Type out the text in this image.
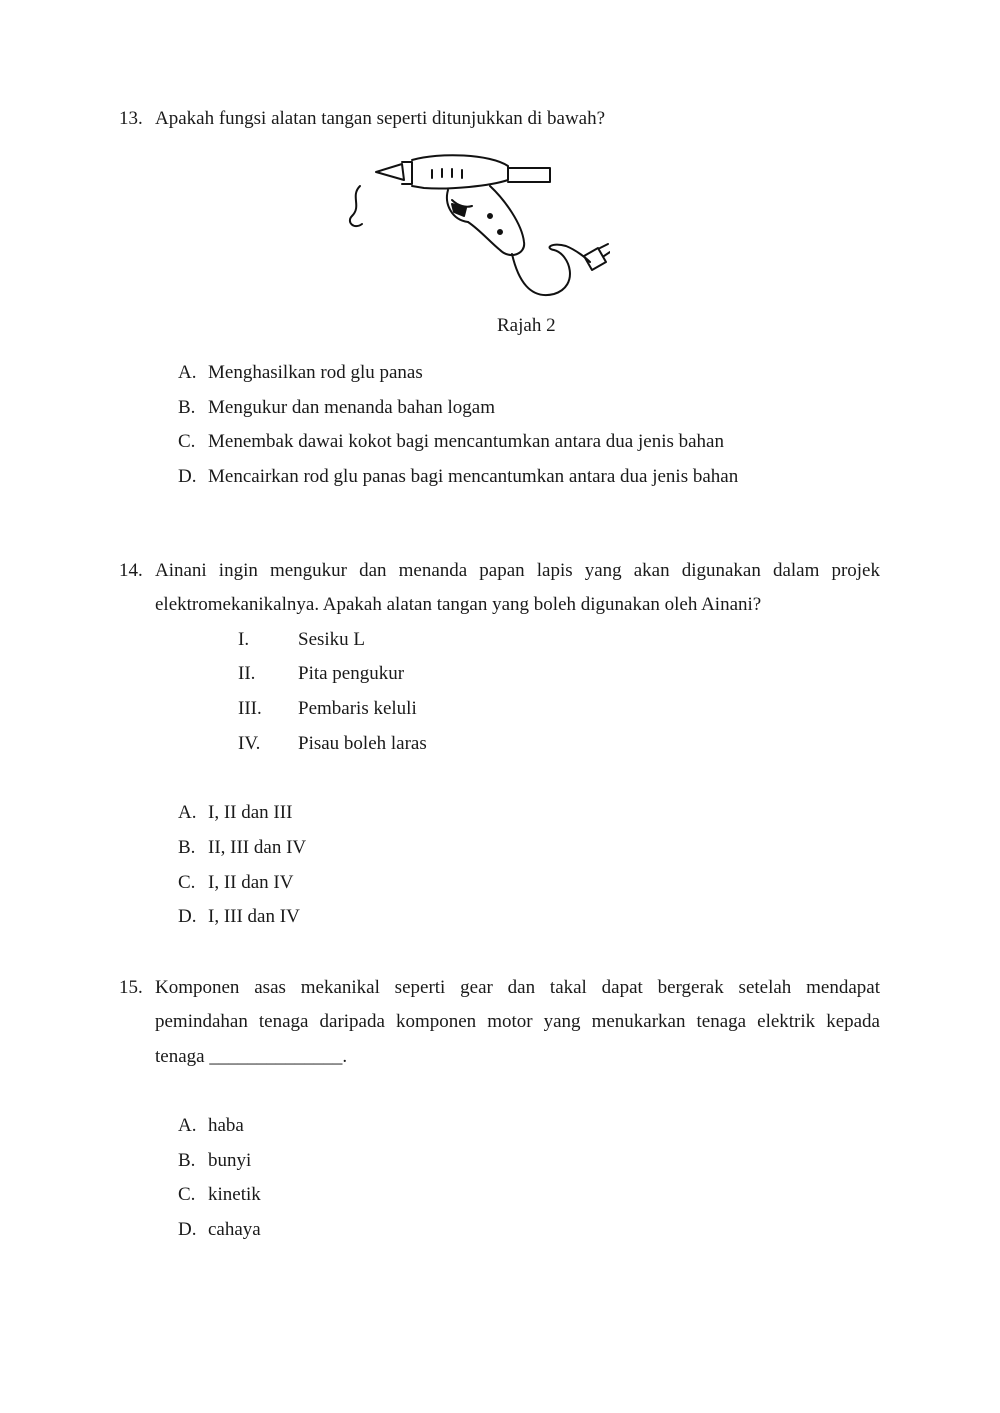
13. Apakah fungsi alatan tangan seperti ditunjukkan di bawah?
Rajah 2
A. Menghasilkan rod glu panas
B. Mengukur dan menanda bahan logam
C. Menembak dawai kokot bagi mencantumkan antara dua jenis bahan
D. Mencairkan rod glu panas bagi mencantumkan antara dua jenis bahan
14. Ainani ingin mengukur dan menanda papan lapis yang akan digunakan dalam projek
elektromekanikalnya. Apakah alatan tangan yang boleh digunakan oleh Ainani?
I.	Sesiku L
II. Pita pengukur
III. Pembaris keluli
IV. Pisau boleh laras
A. I, II dan III
B. II, III dan IV
C. I, II dan IV
D. I, III dan IV
15. Komponen asas mekanikal seperti gear dan takal dapat bergerak setelah mendapat
pemindahan tenaga daripada komponen motor yang menukarkan tenaga elektrik kepada
tenaga ______________.
A. haba
B. bunyi
C. kinetik
D. cahaya
